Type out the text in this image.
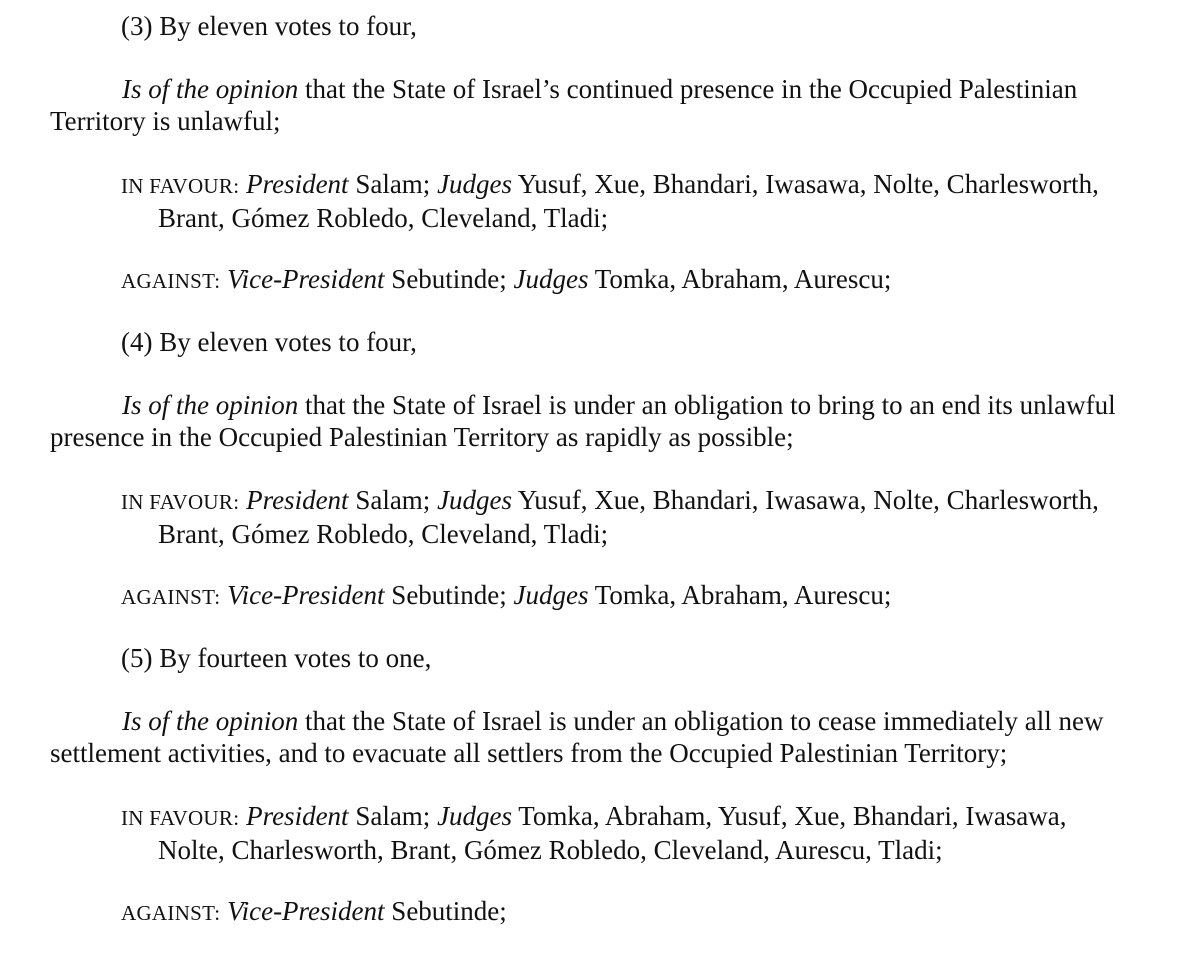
(3) By eleven votes to four,
Is of the opinion that the State of Israel’s continued presence in the Occupied Palestinian
Territory is unlawful;
IN FAVOUR: President Salam; Judges Yusuf, Xue, Bhandari, Iwasawa, Nolte, Charlesworth,
Brant, Gómez Robledo, Cleveland, Tladi;
AGAINST: Vice-President Sebutinde; Judges Tomka, Abraham, Aurescu;
(4) By eleven votes to four,
Is of the opinion that the State of Israel is under an obligation to bring to an end its unlawful
presence in the Occupied Palestinian Territory as rapidly as possible;
IN FAVOUR: President Salam; Judges Yusuf, Xue, Bhandari, Iwasawa, Nolte, Charlesworth,
Brant, Gómez Robledo, Cleveland, Tladi;
AGAINST: Vice-President Sebutinde; Judges Tomka, Abraham, Aurescu;
(5) By fourteen votes to one,
Is of the opinion that the State of Israel is under an obligation to cease immediately all new
settlement activities, and to evacuate all settlers from the Occupied Palestinian Territory;
IN FAVOUR: President Salam; Judges Tomka, Abraham, Yusuf, Xue, Bhandari, Iwasawa,
Nolte, Charlesworth, Brant, Gómez Robledo, Cleveland, Aurescu, Tladi;
AGAINST: Vice-President Sebutinde;
